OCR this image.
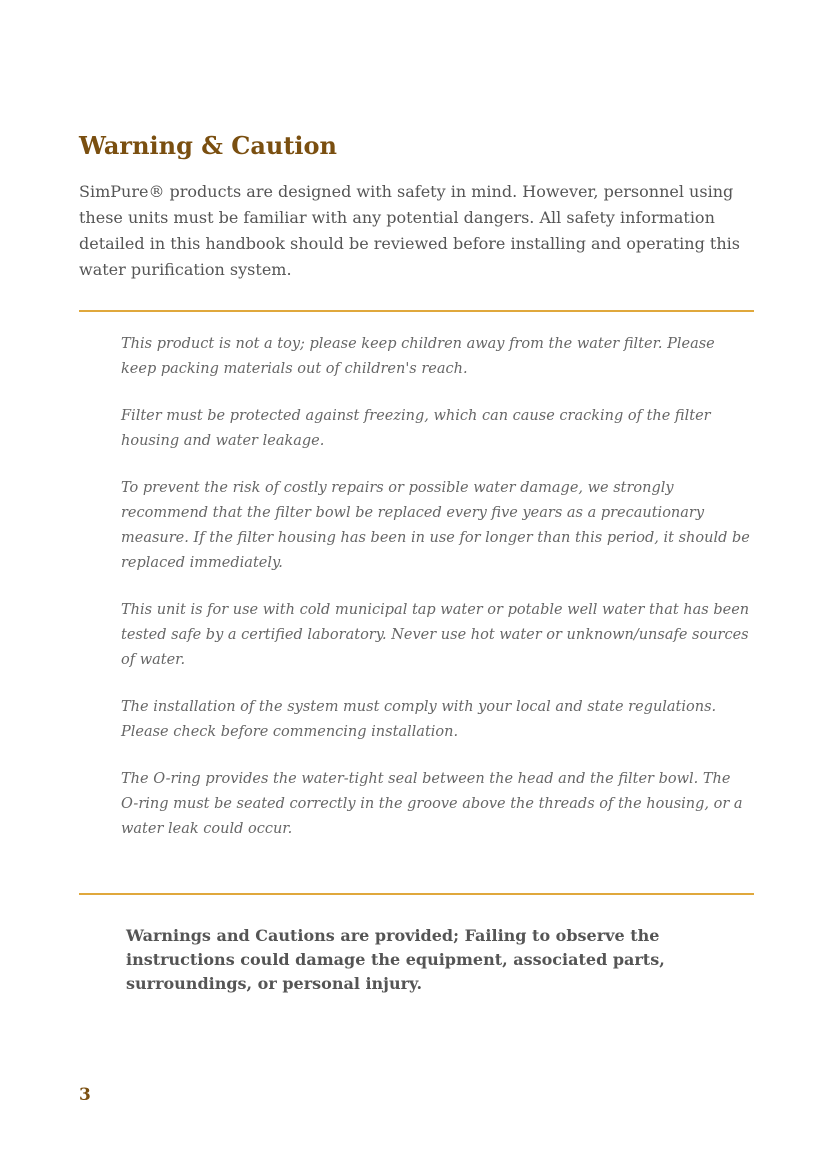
Warning & Caution

SimPure® products are designed with safety in mind. However, personnel using these units must be familiar with any potential dangers. All safety information detailed in this handbook should be reviewed before installing and operating this water purification system.

This product is not a toy; please keep children away from the water filter. Please keep packing materials out of children's reach.
Filter must be protected against freezing, which can cause cracking of the filter housing and water leakage.
To prevent the risk of costly repairs or possible water damage, we strongly recommend that the filter bowl be replaced every five years as a precautionary measure. If the filter housing has been in use for longer than this period, it should be replaced immediately.
This unit is for use with cold municipal tap water or potable well water that has been tested safe by a certified laboratory. Never use hot water or unknown/unsafe sources of water.
The installation of the system must comply with your local and state regulations. Please check before commencing installation.
The O-ring provides the water-tight seal between the head and the filter bowl. The O-ring must be seated correctly in the groove above the threads of the housing, or a water leak could occur.

Warnings and Cautions are provided; Failing to observe the instructions could damage the equipment, associated parts, surroundings, or personal injury.

3
